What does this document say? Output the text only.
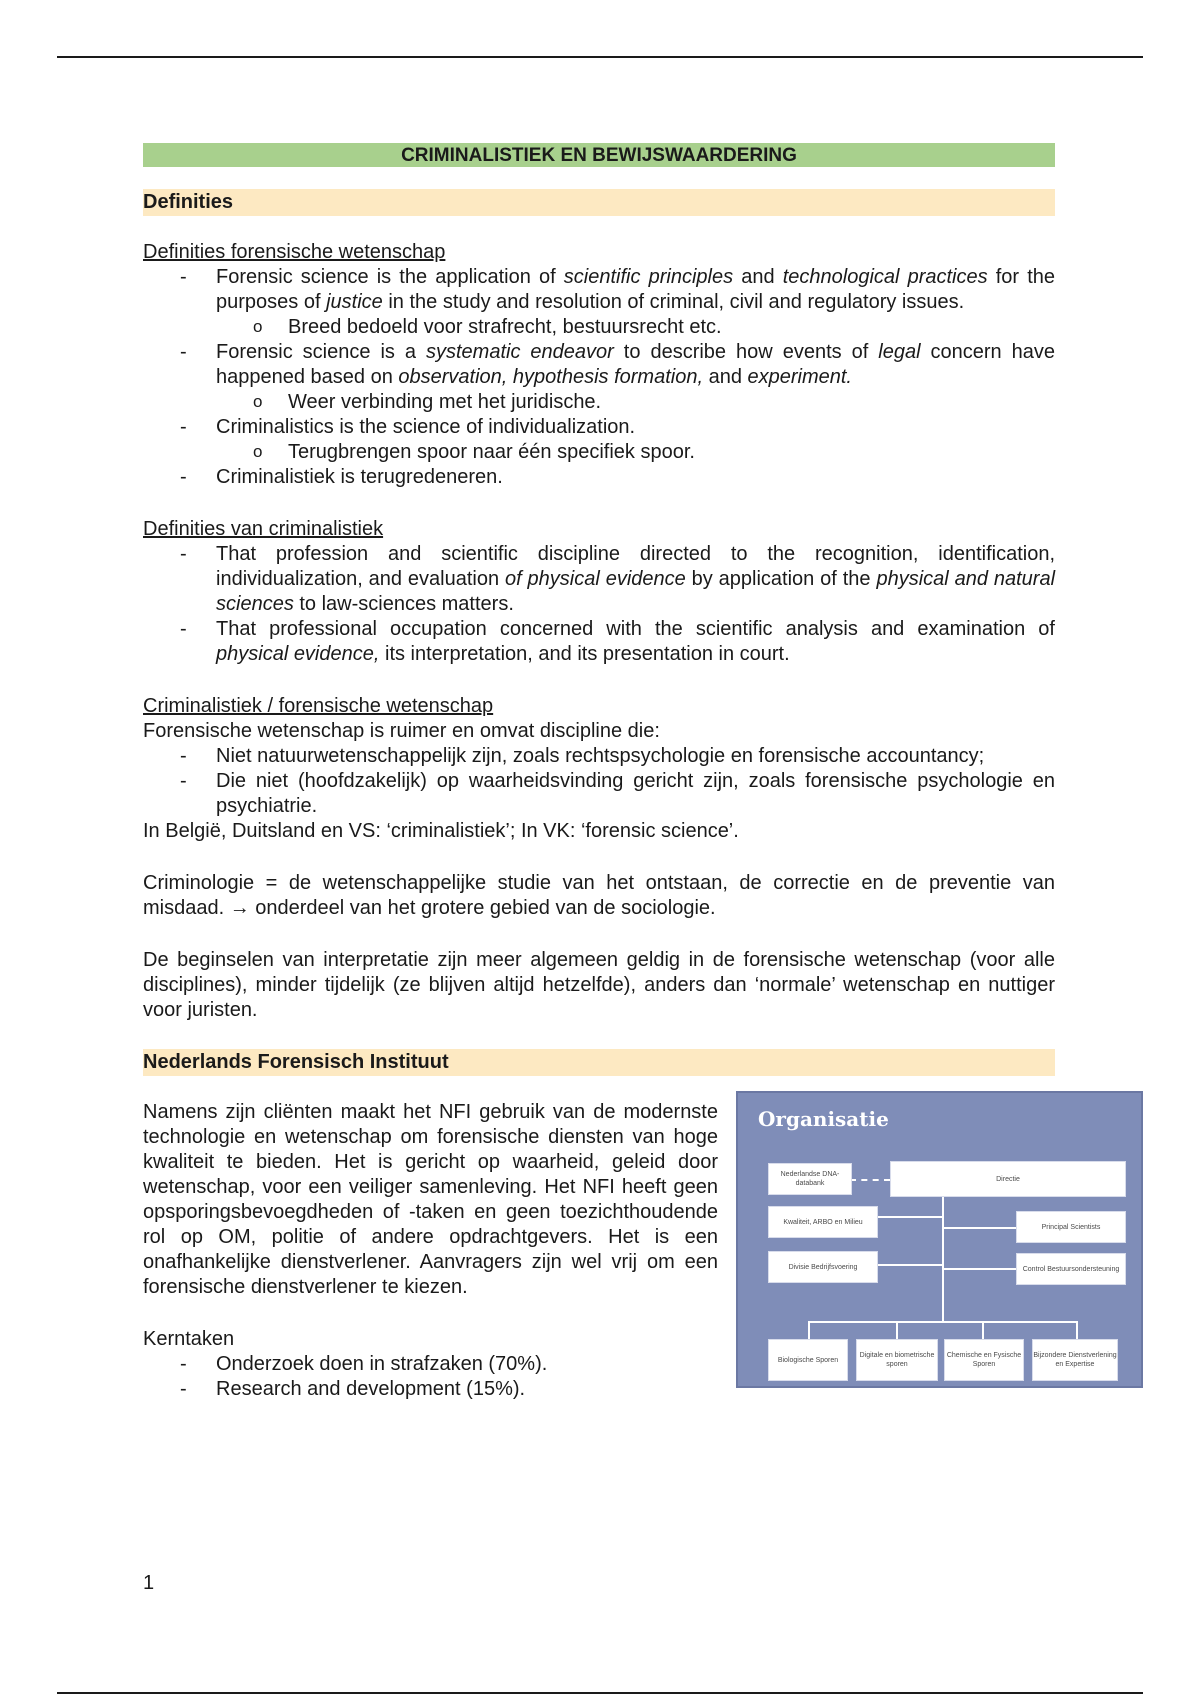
CRIMINALISTIEK EN BEWIJSWAARDERING
Definities

Definities forensische wetenschap

- Forensic science is the application of scientific principles and technological practices for the purposes of justice in the study and resolution of criminal, civil and regulatory issues.
o Breed bedoeld voor strafrecht, bestuursrecht etc.
- Forensic science is a systematic endeavor to describe how events of legal concern have happened based on observation, hypothesis formation, and experiment.
o Weer verbinding met het juridische.
- Criminalistics is the science of individualization.
o Terugbrengen spoor naar één specifiek spoor.
- Criminalistiek is terugredeneren.

Definities van criminalistiek

- That profession and scientific discipline directed to the recognition, identification, individualization, and evaluation of physical evidence by application of the physical and natural sciences to law-sciences matters.
- That professional occupation concerned with the scientific analysis and examination of physical evidence, its interpretation, and its presentation in court.

Criminalistiek / forensische wetenschap

Forensische wetenschap is ruimer en omvat discipline die:

- Niet natuurwetenschappelijk zijn, zoals rechtspsychologie en forensische accountancy;
- Die niet (hoofdzakelijk) op waarheidsvinding gericht zijn, zoals forensische psychologie en psychiatrie.

In België, Duitsland en VS: ‘criminalistiek’; In VK: ‘forensic science’.

Criminologie = de wetenschappelijke studie van het ontstaan, de correctie en de preventie van misdaad. → onderdeel van het grotere gebied van de sociologie.

De beginselen van interpretatie zijn meer algemeen geldig in de forensische wetenschap (voor alle disciplines), minder tijdelijk (ze blijven altijd hetzelfde), anders dan ‘normale’ wetenschap en nuttiger voor juristen.

Nederlands Forensisch Instituut

Namens zijn cliënten maakt het NFI gebruik van de modernste technologie en wetenschap om forensische diensten van hoge kwaliteit te bieden. Het is gericht op waarheid, geleid door wetenschap, voor een veiliger samenleving. Het NFI heeft geen opsporingsbevoegdheden of -taken en geen toezichthoudende rol op OM, politie of andere opdrachtgevers. Het is een onafhankelijke dienstverlener. Aanvragers zijn wel vrij om een forensische dienstverlener te kiezen.

Kerntaken

- Onderzoek doen in strafzaken (70%).
- Research and development (15%).
Organisatie
Nederlandse DNA-databank
Directie
Kwaliteit, ARBO en Milieu
Principal Scientists
Divisie Bedrijfsvoering	Control Bestuursondersteuning
Biologische Sporen
Digitale en biometrische sporen
Chemische en Fysische Sporen
Bijzondere Dienstverlening en Expertise
1
